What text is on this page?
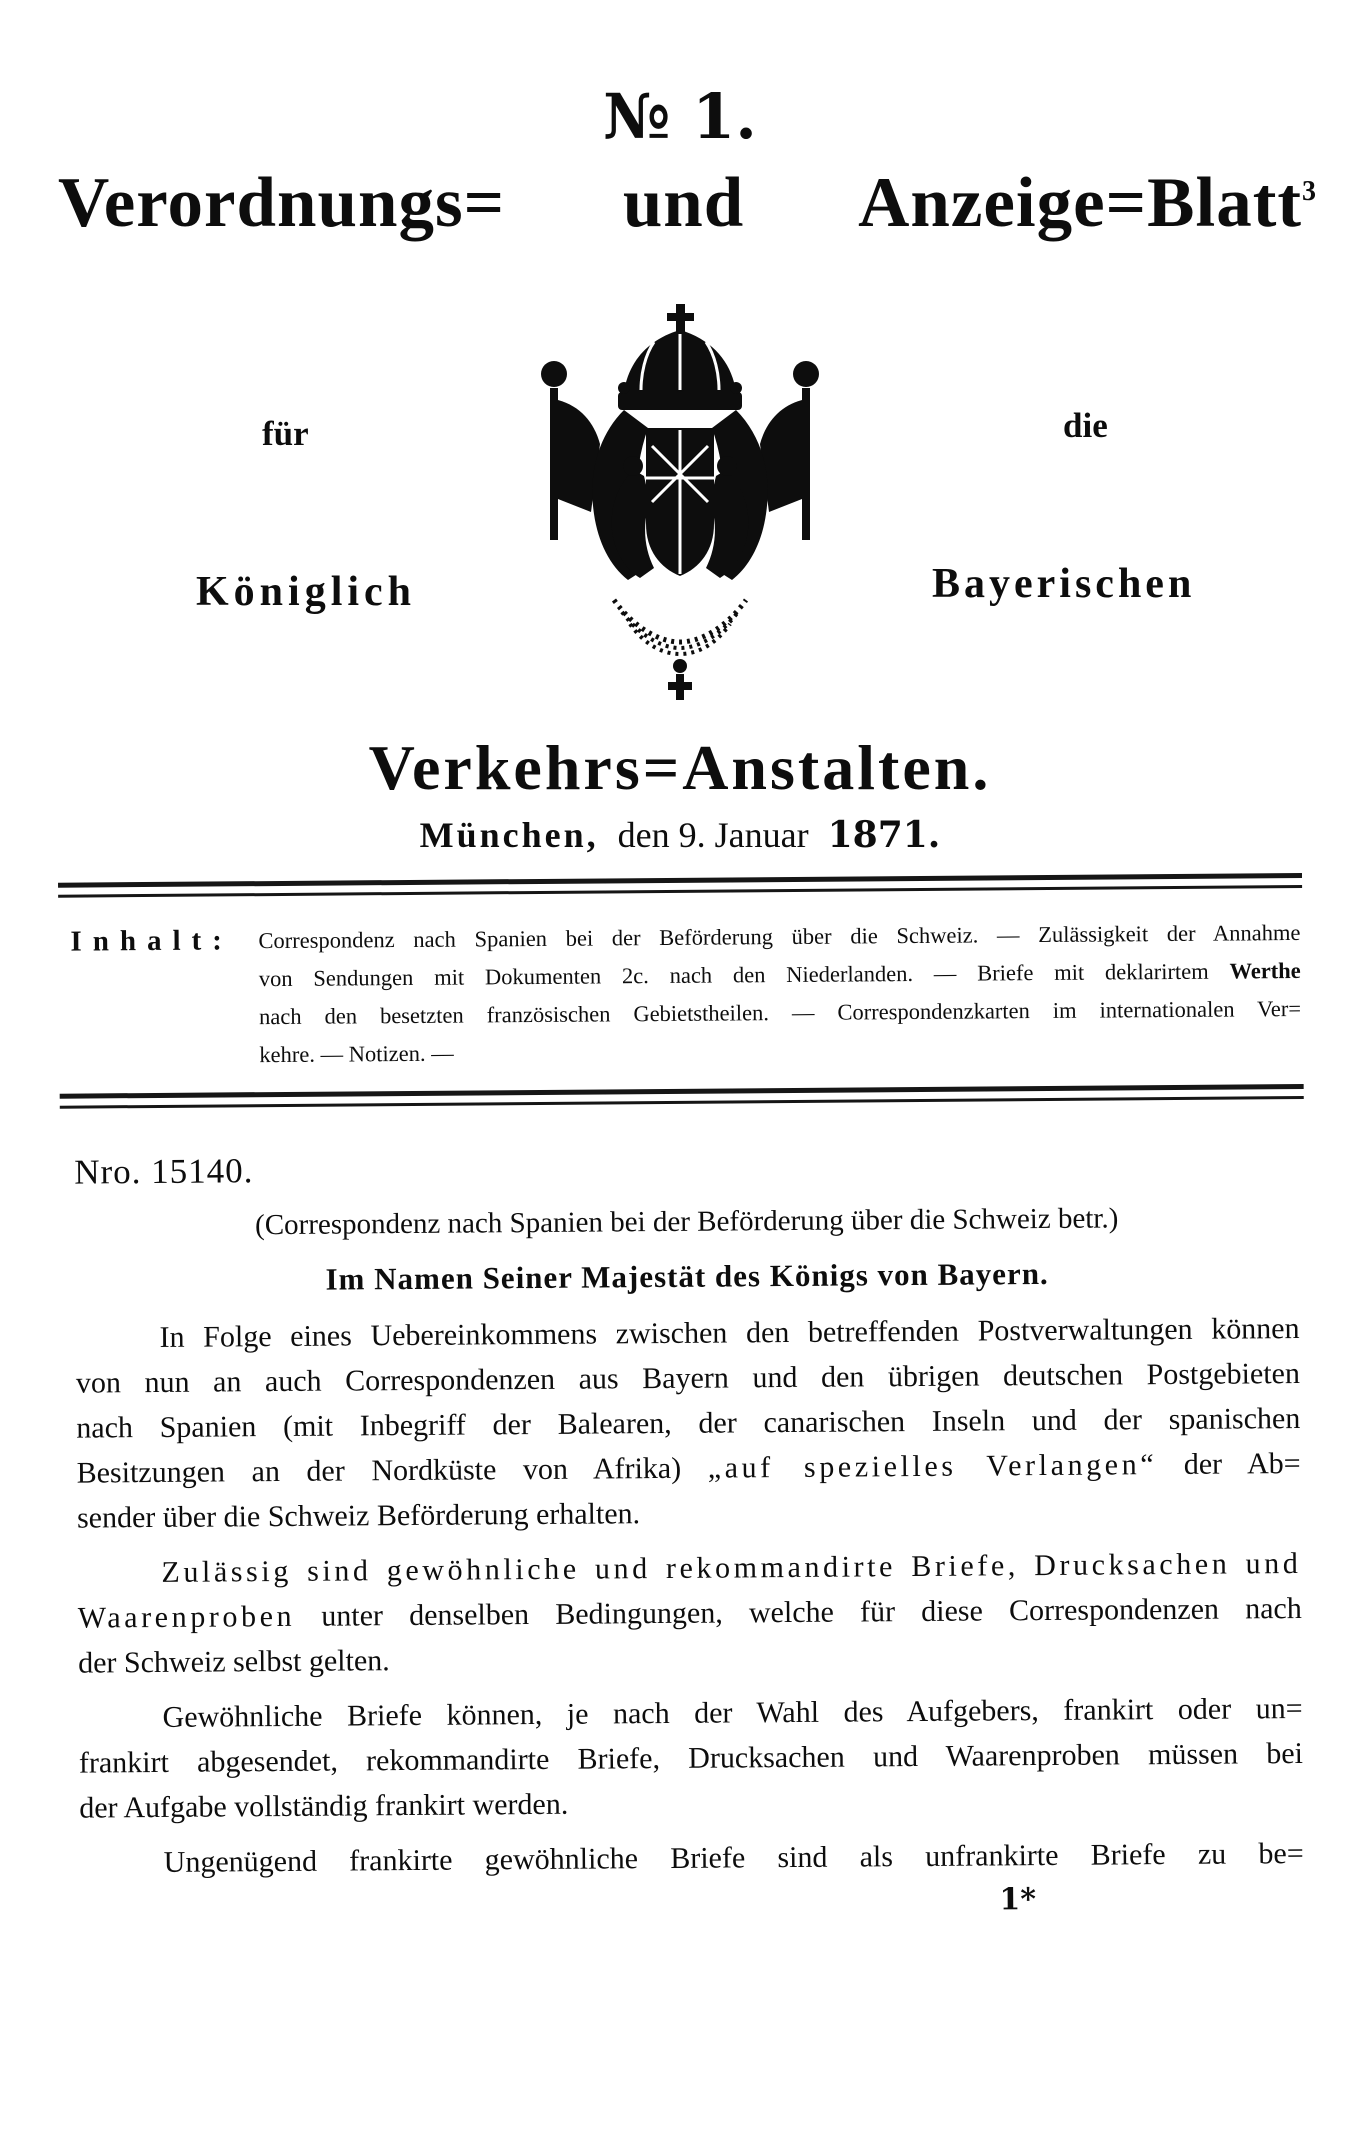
3
№ 1.
Verordnungs= und Anzeige=Blatt
für	die
Königlich	Bayerischen
Verkehrs=Anstalten.
München, den 9. Januar 1871.
Inhalt:	Correspondenz nach Spanien bei der Beförderung über die Schweiz. — Zulässigkeit der Annahme
von Sendungen mit Dokumenten 2c. nach den Niederlanden. — Briefe mit deklarirtem Werthe
nach den besetzten französischen Gebietstheilen. — Correspondenzkarten im internationalen Ver=
kehre. — Notizen. —
Nro. 15140.
(Correspondenz nach Spanien bei der Beförderung über die Schweiz betr.)
Im Namen Seiner Majestät des Königs von Bayern.
In Folge eines Uebereinkommens zwischen den betreffenden Postverwaltungen können
von nun an auch Correspondenzen aus Bayern und den übrigen deutschen Postgebieten
nach Spanien (mit Inbegriff der Balearen, der canarischen Inseln und der spanischen
Besitzungen an der Nordküste von Afrika) „auf spezielles Verlangen“ der Ab=
sender über die Schweiz Beförderung erhalten.
Zulässig sind gewöhnliche und rekommandirte Briefe, Drucksachen und
Waarenproben unter denselben Bedingungen, welche für diese Correspondenzen nach
der Schweiz selbst gelten.
Gewöhnliche Briefe können, je nach der Wahl des Aufgebers, frankirt oder un=
frankirt abgesendet, rekommandirte Briefe, Drucksachen und Waarenproben müssen bei
der Aufgabe vollständig frankirt werden.
Ungenügend frankirte gewöhnliche Briefe sind als unfrankirte Briefe zu be=
1*
